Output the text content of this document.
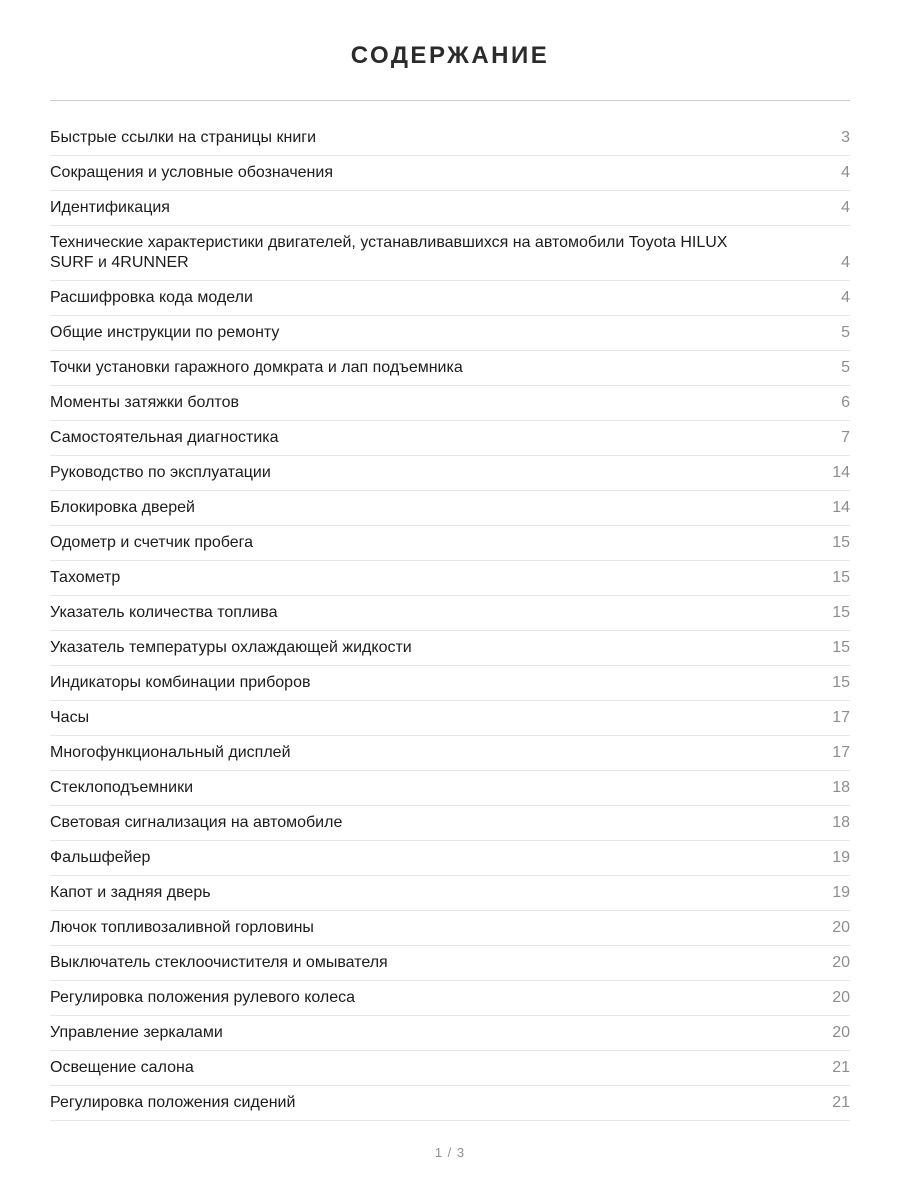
СОДЕРЖАНИЕ
Быстрые ссылки на страницы книги	3
Сокращения и условные обозначения	4
Идентификация	4
Технические характеристики двигателей, устанавливавшихся на автомобили Toyota HILUX SURF и 4RUNNER	4
Расшифровка кода модели	4
Общие инструкции по ремонту	5
Точки установки гаражного домкрата и лап подъемника	5
Моменты затяжки болтов	6
Самостоятельная диагностика	7
Руководство по эксплуатации	14
Блокировка дверей	14
Одометр и счетчик пробега	15
Тахометр	15
Указатель количества топлива	15
Указатель температуры охлаждающей жидкости	15
Индикаторы комбинации приборов	15
Часы	17
Многофункциональный дисплей	17
Стеклоподъемники	18
Световая сигнализация на автомобиле	18
Фальшфейер	19
Капот и задняя дверь	19
Лючок топливозаливной горловины	20
Выключатель стеклоочистителя и омывателя	20
Регулировка положения рулевого колеса	20
Управление зеркалами	20
Освещение салона	21
Регулировка положения сидений	21
1 / 3
